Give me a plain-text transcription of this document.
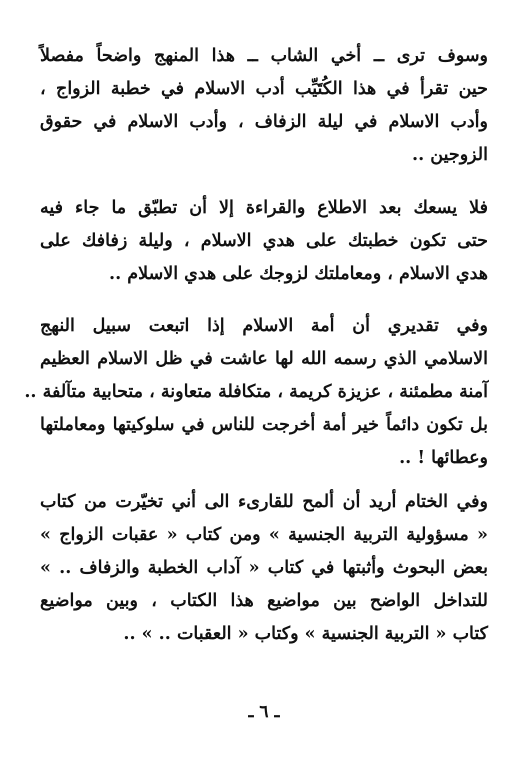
وسوف ترى ــ أخي الشاب ــ هذا المنهج واضحاً مفصلاً
حين تقرأ في هذا الكُتَيِّب أدب الاسلام في خطبة الزواج ،
وأدب الاسلام في ليلة الزفاف ، وأدب الاسلام في حقوق
الزوجين ..
فلا يسعك بعد الاطلاع والقراءة إلا أن تطبّق ما جاء فيه
حتى تكون خطبتك على هدي الاسلام ، وليلة زفافك على
هدي الاسلام ، ومعاملتك لزوجك على هدي الاسلام ..
وفي تقديري أن أمة الاسلام إذا اتبعت سبيل النهج
الاسلامي الذي رسمه الله لها عاشت في ظل الاسلام العظيم
آمنة مطمئنة ، عزيزة كريمة ، متكافلة متعاونة ، متحابية متآلفة ..
بل تكون دائماً خير أمة أخرجت للناس في سلوكيتها ومعاملتها
وعطائها ! ..
وفي الختام أريد أن ألمح للقارىء الى أني تخيّرت من كتاب
« مسؤولية التربية الجنسية » ومن كتاب « عقبات الزواج »
بعض البحوث وأثبتها في كتاب « آداب الخطبة والزفاف .. »
للتداخل الواضح بين مواضيع هذا الكتاب ، وبين مواضيع
كتاب « التربية الجنسية » وكتاب « العقبات .. » ..
ـ ٦ ـ
